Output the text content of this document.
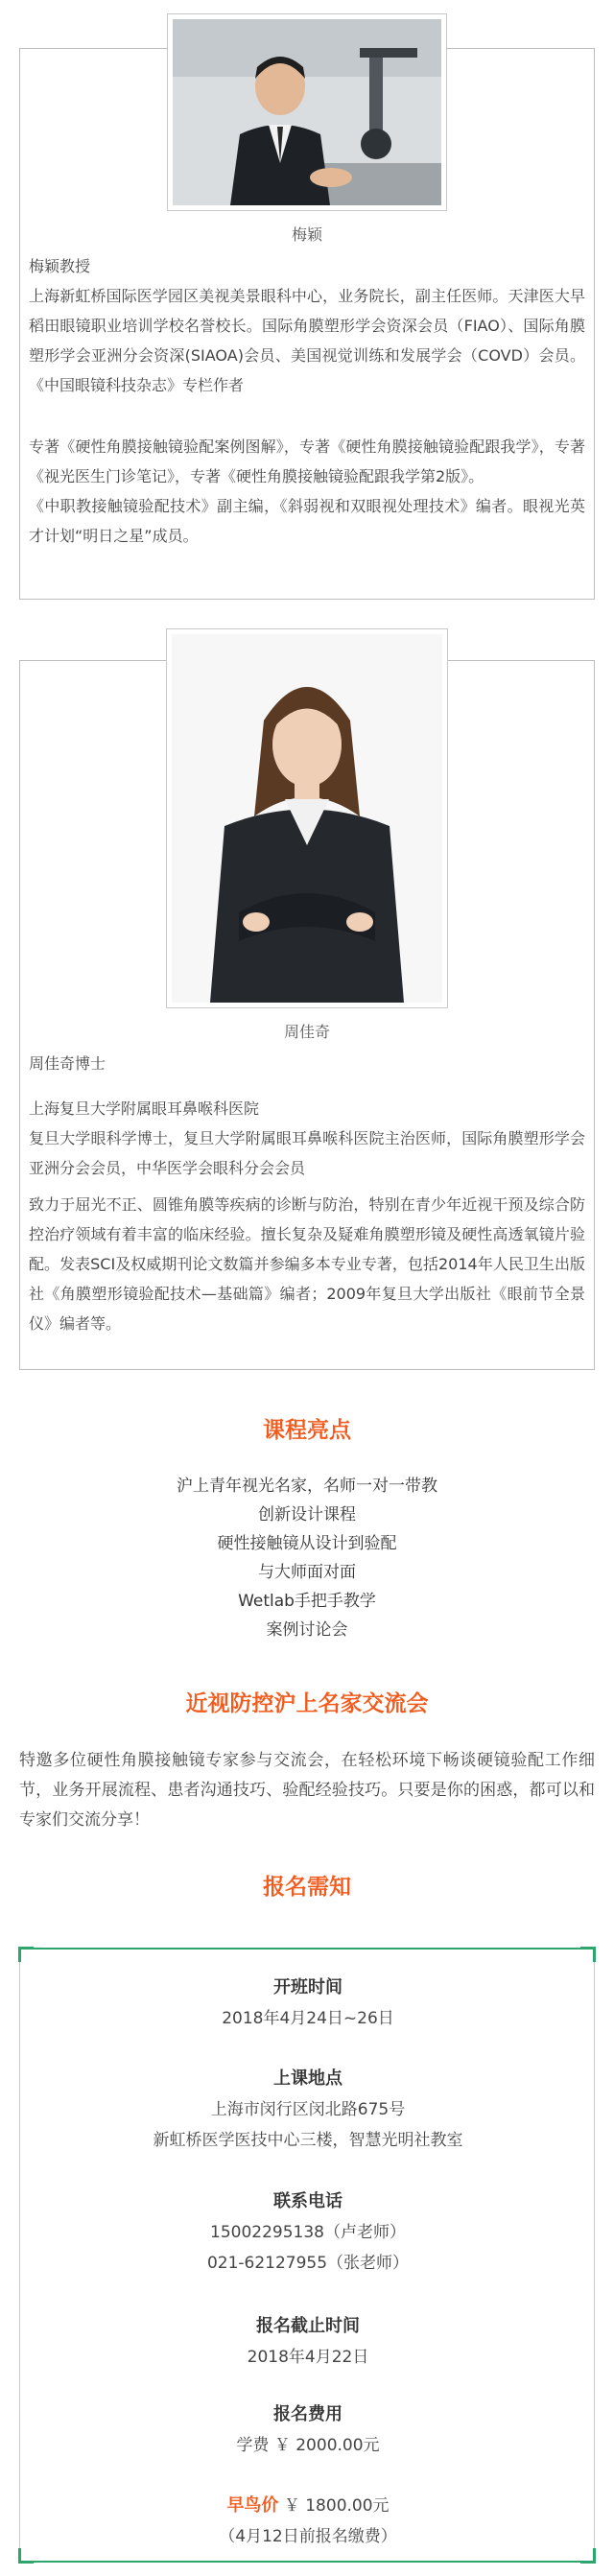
梅颖
梅颖教授
上海新虹桥国际医学园区美视美景眼科中心，业务院长，副主任医师。天津医大早稻田眼镜职业培训学校名誉校长。国际角膜塑形学会资深会员（FIAO）、国际角膜塑形学会亚洲分会资深(SIAOA)会员、美国视觉训练和发展学会（COVD）会员。《中国眼镜科技杂志》专栏作者
专著《硬性角膜接触镜验配案例图解》，专著《硬性角膜接触镜验配跟我学》，专著《视光医生门诊笔记》，专著《硬性角膜接触镜验配跟我学第2版》。
《中职教接触镜验配技术》副主编，《斜弱视和双眼视处理技术》编者。眼视光英才计划“明日之星”成员。
周佳奇
周佳奇博士
上海复旦大学附属眼耳鼻喉科医院
复旦大学眼科学博士，复旦大学附属眼耳鼻喉科医院主治医师，国际角膜塑形学会亚洲分会会员，中华医学会眼科分会会员
致力于屈光不正、圆锥角膜等疾病的诊断与防治，特别在青少年近视干预及综合防控治疗领域有着丰富的临床经验。擅长复杂及疑难角膜塑形镜及硬性高透氧镜片验配。发表SCI及权威期刊论文数篇并参编多本专业专著，包括2014年人民卫生出版社《角膜塑形镜验配技术—基础篇》编者；2009年复旦大学出版社《眼前节全景仪》编者等。
课程亮点
沪上青年视光名家，名师一对一带教
创新设计课程
硬性接触镜从设计到验配
与大师面对面
Wetlab手把手教学
案例讨论会
近视防控沪上名家交流会
特邀多位硬性角膜接触镜专家参与交流会，在轻松环境下畅谈硬镜验配工作细节，业务开展流程、患者沟通技巧、验配经验技巧。只要是你的困惑，都可以和专家们交流分享！
报名需知
开班时间
2018年4月24日~26日
上课地点
上海市闵行区闵北路675号
新虹桥医学医技中心三楼，智慧光明社教室
联系电话
15002295138（卢老师）
021-62127955（张老师）
报名截止时间
2018年4月22日
报名费用
学费 ￥ 2000.00元
早鸟价 ￥ 1800.00元
（4月12日前报名缴费）
